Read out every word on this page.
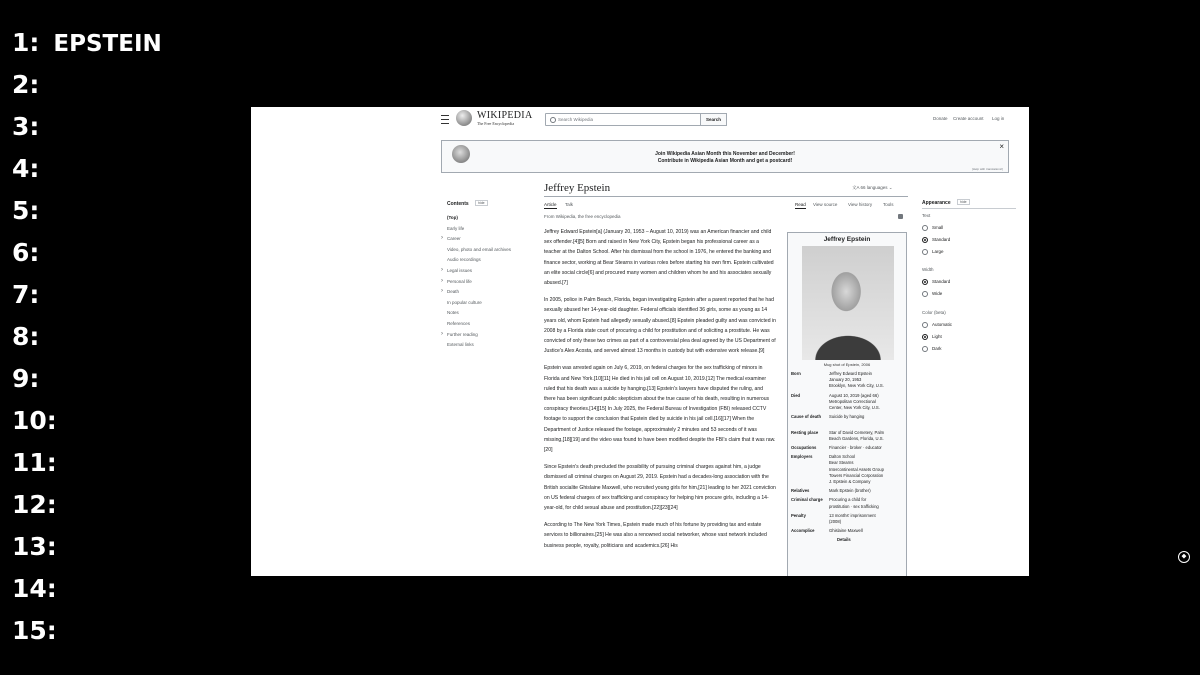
1: EPSTEIN
2:
3:
4:
5:
6:
7:
8:
9:
10:
11:
12:
13:
14:
15:
WIKIPEDIA
The Free Encyclopedia
Search Wikipedia	Search	Donate Create account Log in
Join Wikipedia Asian Month this November and December!
Contribute in Wikipedia Asian Month and get a postcard!
×
[Help with translations!]
Contents	hide
(Top)
Early life
› Career
Video, photo and email archives
Audio recordings
› Legal issues
› Personal life
› Death
In popular culture
Notes
References
› Further reading
External links
Jeffrey Epstein	文A 66 languages ⌄
Article Talk	Read View source View history Tools
From Wikipedia, the free encyclopedia

Jeffrey Edward Epstein[a] (January 20, 1953 – August 10, 2019) was an American financier and child sex offender.[4][5] Born and raised in New York City, Epstein began his professional career as a teacher at the Dalton School. After his dismissal from the school in 1976, he entered the banking and finance sector, working at Bear Stearns in various roles before starting his own firm. Epstein cultivated an elite social circle[6] and procured many women and children whom he and his associates sexually abused.[7]

In 2005, police in Palm Beach, Florida, began investigating Epstein after a parent reported that he had sexually abused her 14-year-old daughter. Federal officials identified 36 girls, some as young as 14 years old, whom Epstein had allegedly sexually abused.[8] Epstein pleaded guilty and was convicted in 2008 by a Florida state court of procuring a child for prostitution and of soliciting a prostitute. He was convicted of only these two crimes as part of a controversial plea deal agreed by the US Department of Justice's Alex Acosta, and served almost 13 months in custody but with extensive work release.[9]

Epstein was arrested again on July 6, 2019, on federal charges for the sex trafficking of minors in Florida and New York.[10][11] He died in his jail cell on August 10, 2019.[12] The medical examiner ruled that his death was a suicide by hanging.[13] Epstein's lawyers have disputed the ruling, and there has been significant public skepticism about the true cause of his death, resulting in numerous conspiracy theories.[14][15] In July 2025, the Federal Bureau of Investigation (FBI) released CCTV footage to support the conclusion that Epstein died by suicide in his jail cell.[16][17] When the Department of Justice released the footage, approximately 2 minutes and 53 seconds of it was missing,[18][19] and the video was found to have been modified despite the FBI's claim that it was raw.[20]

Since Epstein's death precluded the possibility of pursuing criminal charges against him, a judge dismissed all criminal charges on August 29, 2019. Epstein had a decades-long association with the British socialite Ghislaine Maxwell, who recruited young girls for him,[21] leading to her 2021 conviction on US federal charges of sex trafficking and conspiracy for helping him procure girls, including a 14-year-old, for child sexual abuse and prostitution.[22][23][24]

According to The New York Times, Epstein made much of his fortune by providing tax and estate services to billionaires.[25] He was also a renowned social networker, whose vast network included business people, royalty, politicians and academics.[26] His

Jeffrey Epstein
Mug shot of Epstein, 2006
Born	Jeffrey Edward Epstein
January 20, 1953
Brooklyn, New York City, U.S.
Died	August 10, 2019 (aged 66)
Metropolitan Correctional
Center, New York City, U.S.
Cause of death	Suicide by hanging
Resting place	Star of David Cemetery, Palm
Beach Gardens, Florida, U.S.
Occupations	Financier · broker · educator
Employers	Dalton School
Bear Stearns
Intercontinental Assets Group
Towers Financial Corporation
J. Epstein & Company
Relatives	Mark Epstein (brother)
Criminal charge	Procuring a child for
prostitution · sex trafficking
Penalty	13 months' imprisonment
(2008)
Accomplice	Ghislaine Maxwell
Details
Appearance	hide
Text
Small
Standard
Large
Width
Standard
Wide
Color (beta)
Automatic
Light
Dark
⬥
